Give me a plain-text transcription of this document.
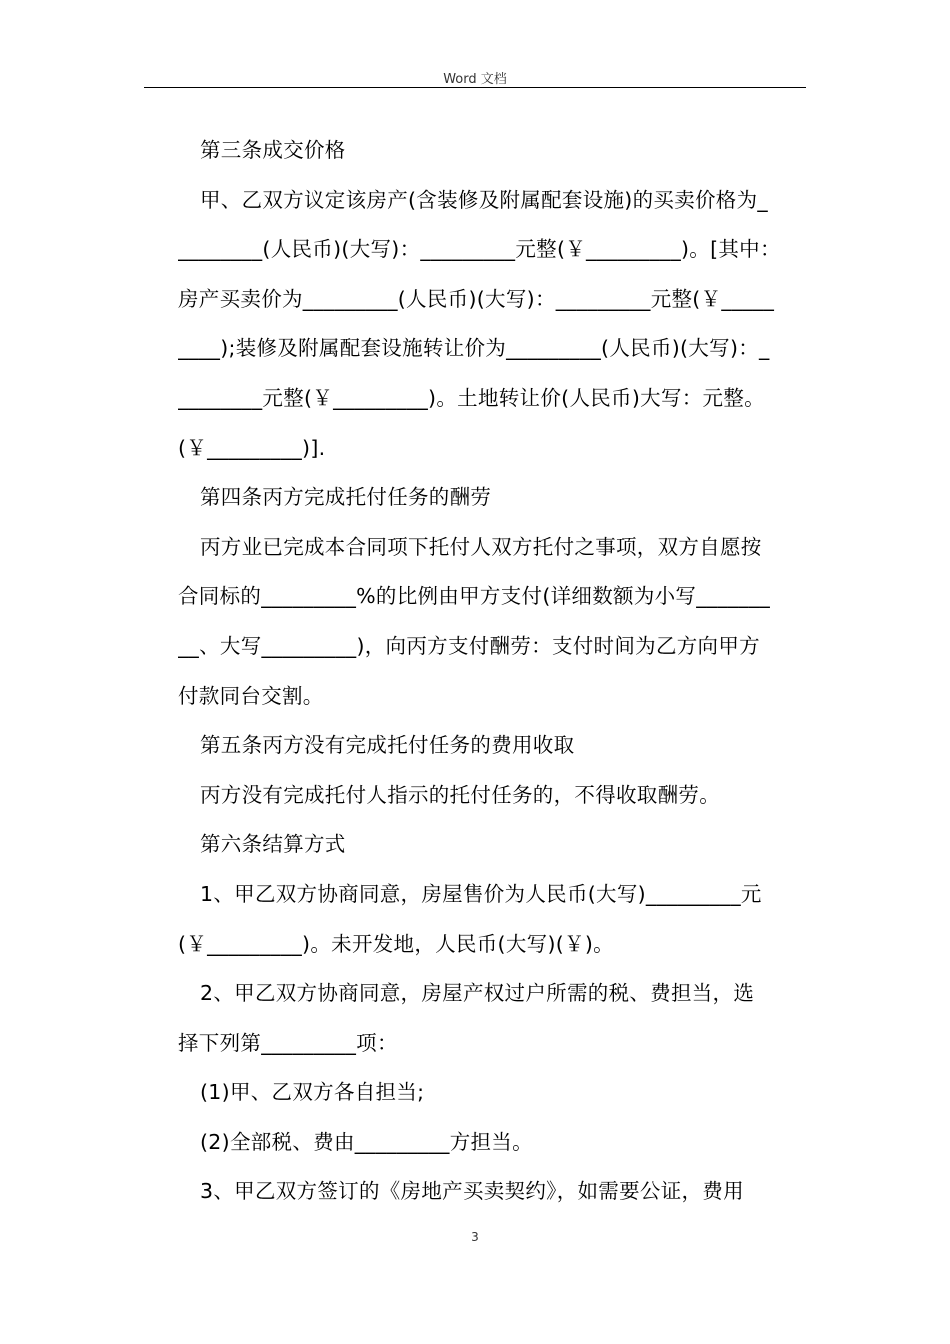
Word 文档
第三条成交价格
甲、乙双方议定该房产(含装修及附属配套设施)的买卖价格为_
________(人民币)(大写)：_________元整(￥_________)。[其中：
房产买卖价为_________(人民币)(大写)：_________元整(￥_____
____);装修及附属配套设施转让价为_________(人民币)(大写)：_
________元整(￥_________)。土地转让价(人民币)大写：元整。
(￥_________)].
第四条丙方完成托付任务的酬劳
丙方业已完成本合同项下托付人双方托付之事项，双方自愿按
合同标的_________%的比例由甲方支付(详细数额为小写_______
__、大写_________)，向丙方支付酬劳：支付时间为乙方向甲方
付款同台交割。
第五条丙方没有完成托付任务的费用收取
丙方没有完成托付人指示的托付任务的，不得收取酬劳。
第六条结算方式
1、甲乙双方协商同意，房屋售价为人民币(大写)_________元
(￥_________)。未开发地，人民币(大写)(￥)。
2、甲乙双方协商同意，房屋产权过户所需的税、费担当，选
择下列第_________项：
(1)甲、乙双方各自担当;
(2)全部税、费由_________方担当。
3、甲乙双方签订的《房地产买卖契约》，如需要公证，费用
3
